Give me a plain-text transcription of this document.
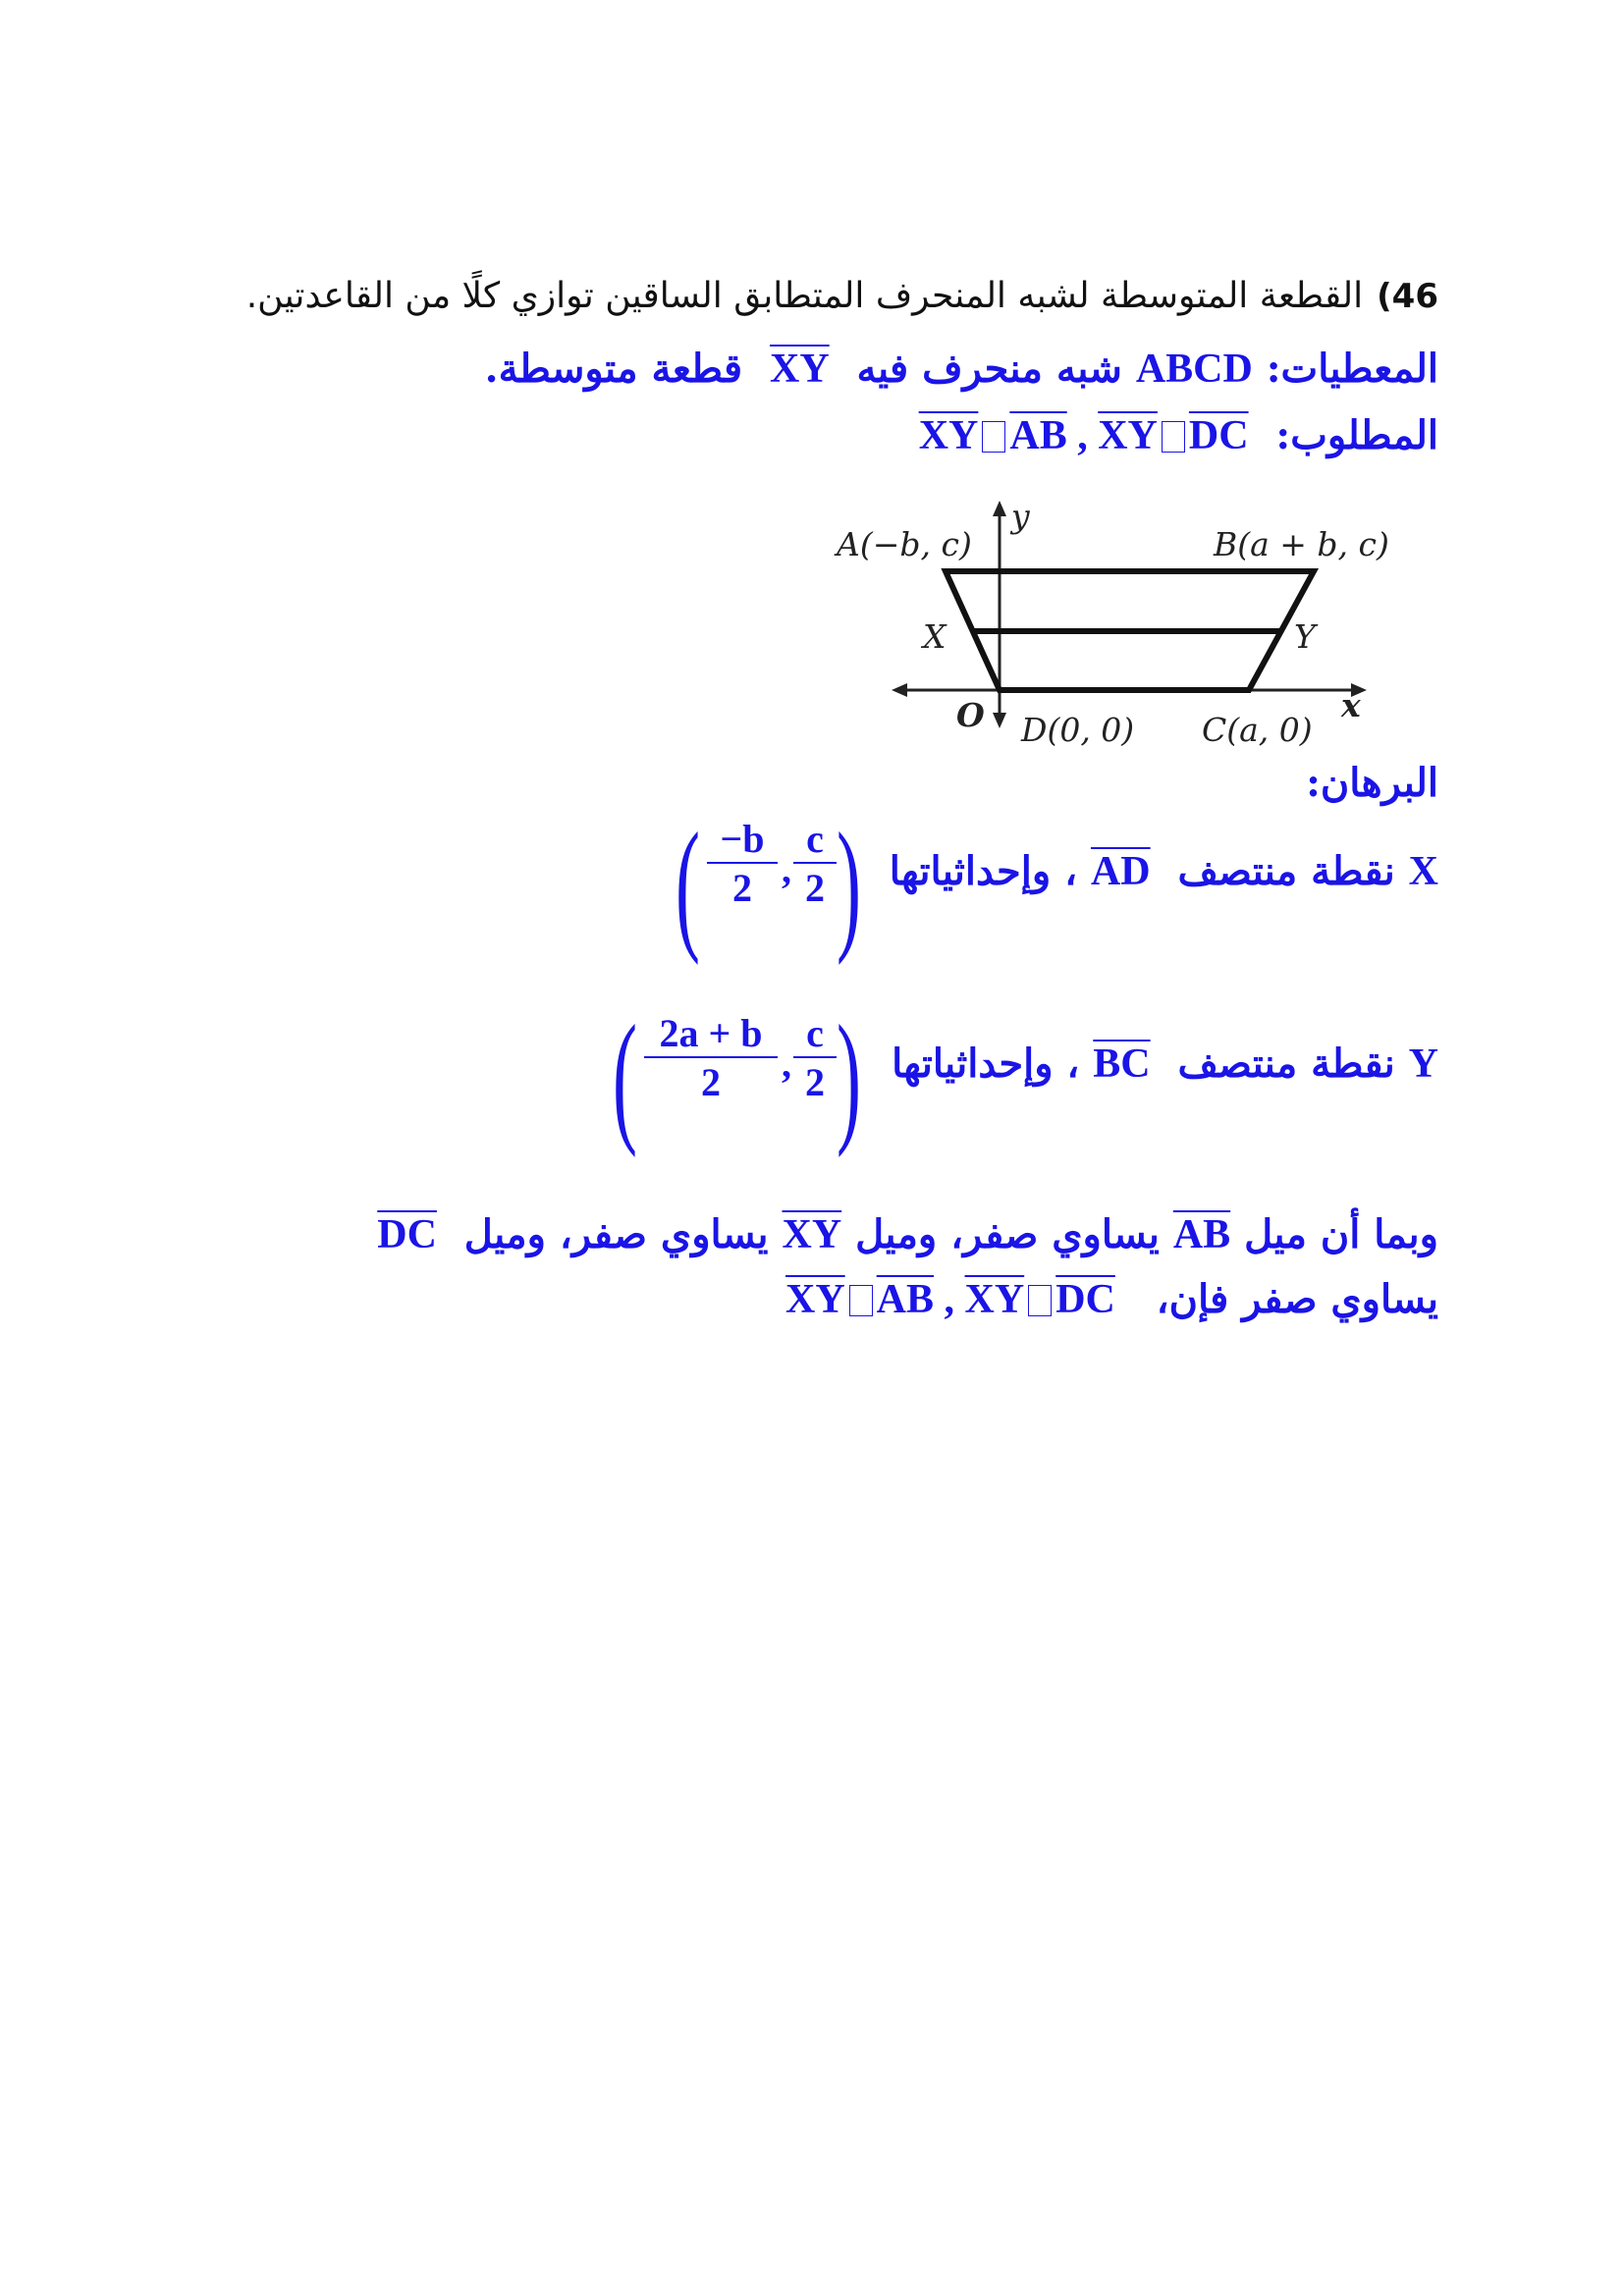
46)القطعة المتوسطة لشبه المنحرف المتطابق الساقين توازي كلًا من القاعدتين.
المعطيات: ABCD شبه منحرف فيه  $\overline{XY}$  قطعة متوسطة.
المطلوب:  $\overline{XY}$ $\overline{AB}$ , $\overline{XY}$ $\overline{DC}$
A(−b, c)
y
B(a + b, c)
X	Y
O D(0, 0) C(a, 0)
x
البرهان:
X نقطة منتصف  $\overline{AD}$ ، وإحداثياتها
( $\frac{-b}{2}$ , $\frac{c}{2}$ )
Y نقطة منتصف  $\overline{BC}$ ، وإحداثياتها
( $\frac{2a + b}{2}$ , $\frac{c}{2}$ )
وبما أن ميل $\overline{AB}$ يساوي صفر، وميل $\overline{XY}$ يساوي صفر، وميل  $\overline{DC}$
يساوي صفر فإن،   $\overline{XY}$ $\overline{AB}$ , $\overline{XY}$ $\overline{DC}$
